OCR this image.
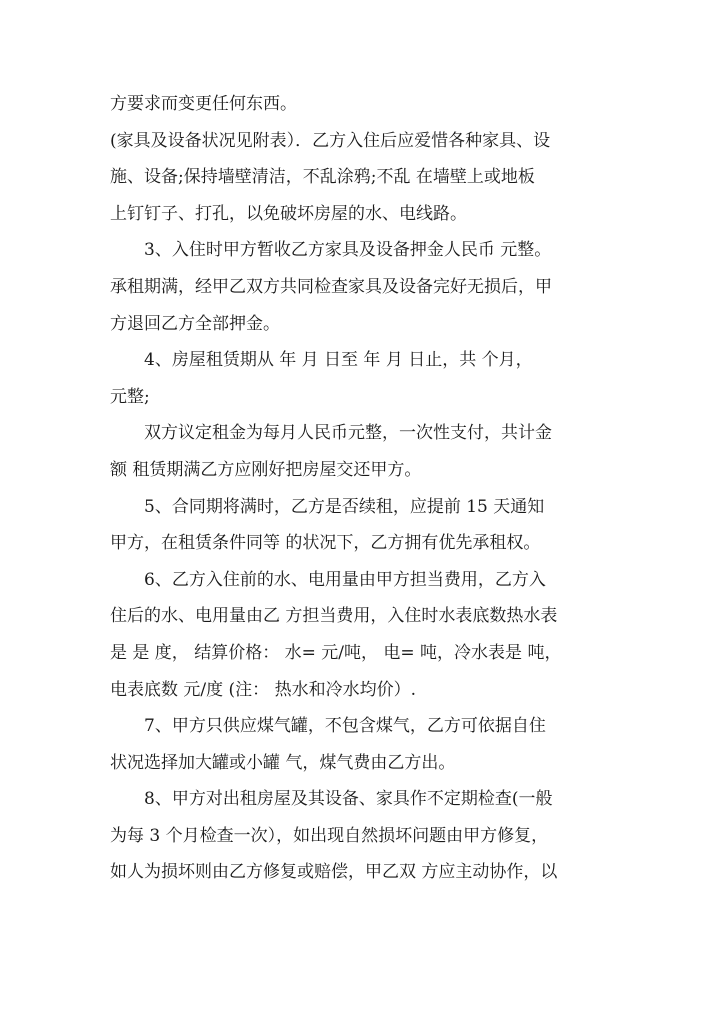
方要求而变更任何东西。

(家具及设备状况见附表）．乙方入住后应爱惜各种家具、设
施、设备;保持墙壁清洁，不乱涂鸦;不乱 在墙壁上或地板
上钉钉子、打孔，以免破坏房屋的水、电线路。

3、入住时甲方暂收乙方家具及设备押金人民币 元整。
承租期满，经甲乙双方共同检查家具及设备完好无损后，甲
方退回乙方全部押金。

4、房屋租赁期从 年 月 日至 年 月 日止，共 个月，
元整;

双方议定租金为每月人民币元整，一次性支付，共计金
额 租赁期满乙方应刚好把房屋交还甲方。

5、合同期将满时，乙方是否续租，应提前 15 天通知
甲方，在租赁条件同等 的状况下，乙方拥有优先承租权。

6、乙方入住前的水、电用量由甲方担当费用，乙方入
住后的水、电用量由乙 方担当费用，入住时水表底数热水表
是 是 度， 结算价格： 水= 元/吨， 电= 吨，冷水表是 吨，
电表底数 元/度 (注： 热水和冷水均价）.

7、甲方只供应煤气罐，不包含煤气，乙方可依据自住
状况选择加大罐或小罐 气，煤气费由乙方出。

8、甲方对出租房屋及其设备、家具作不定期检查(一般
为每 3 个月检查一次），如出现自然损坏问题由甲方修复，
如人为损坏则由乙方修复或赔偿，甲乙双 方应主动协作，以
